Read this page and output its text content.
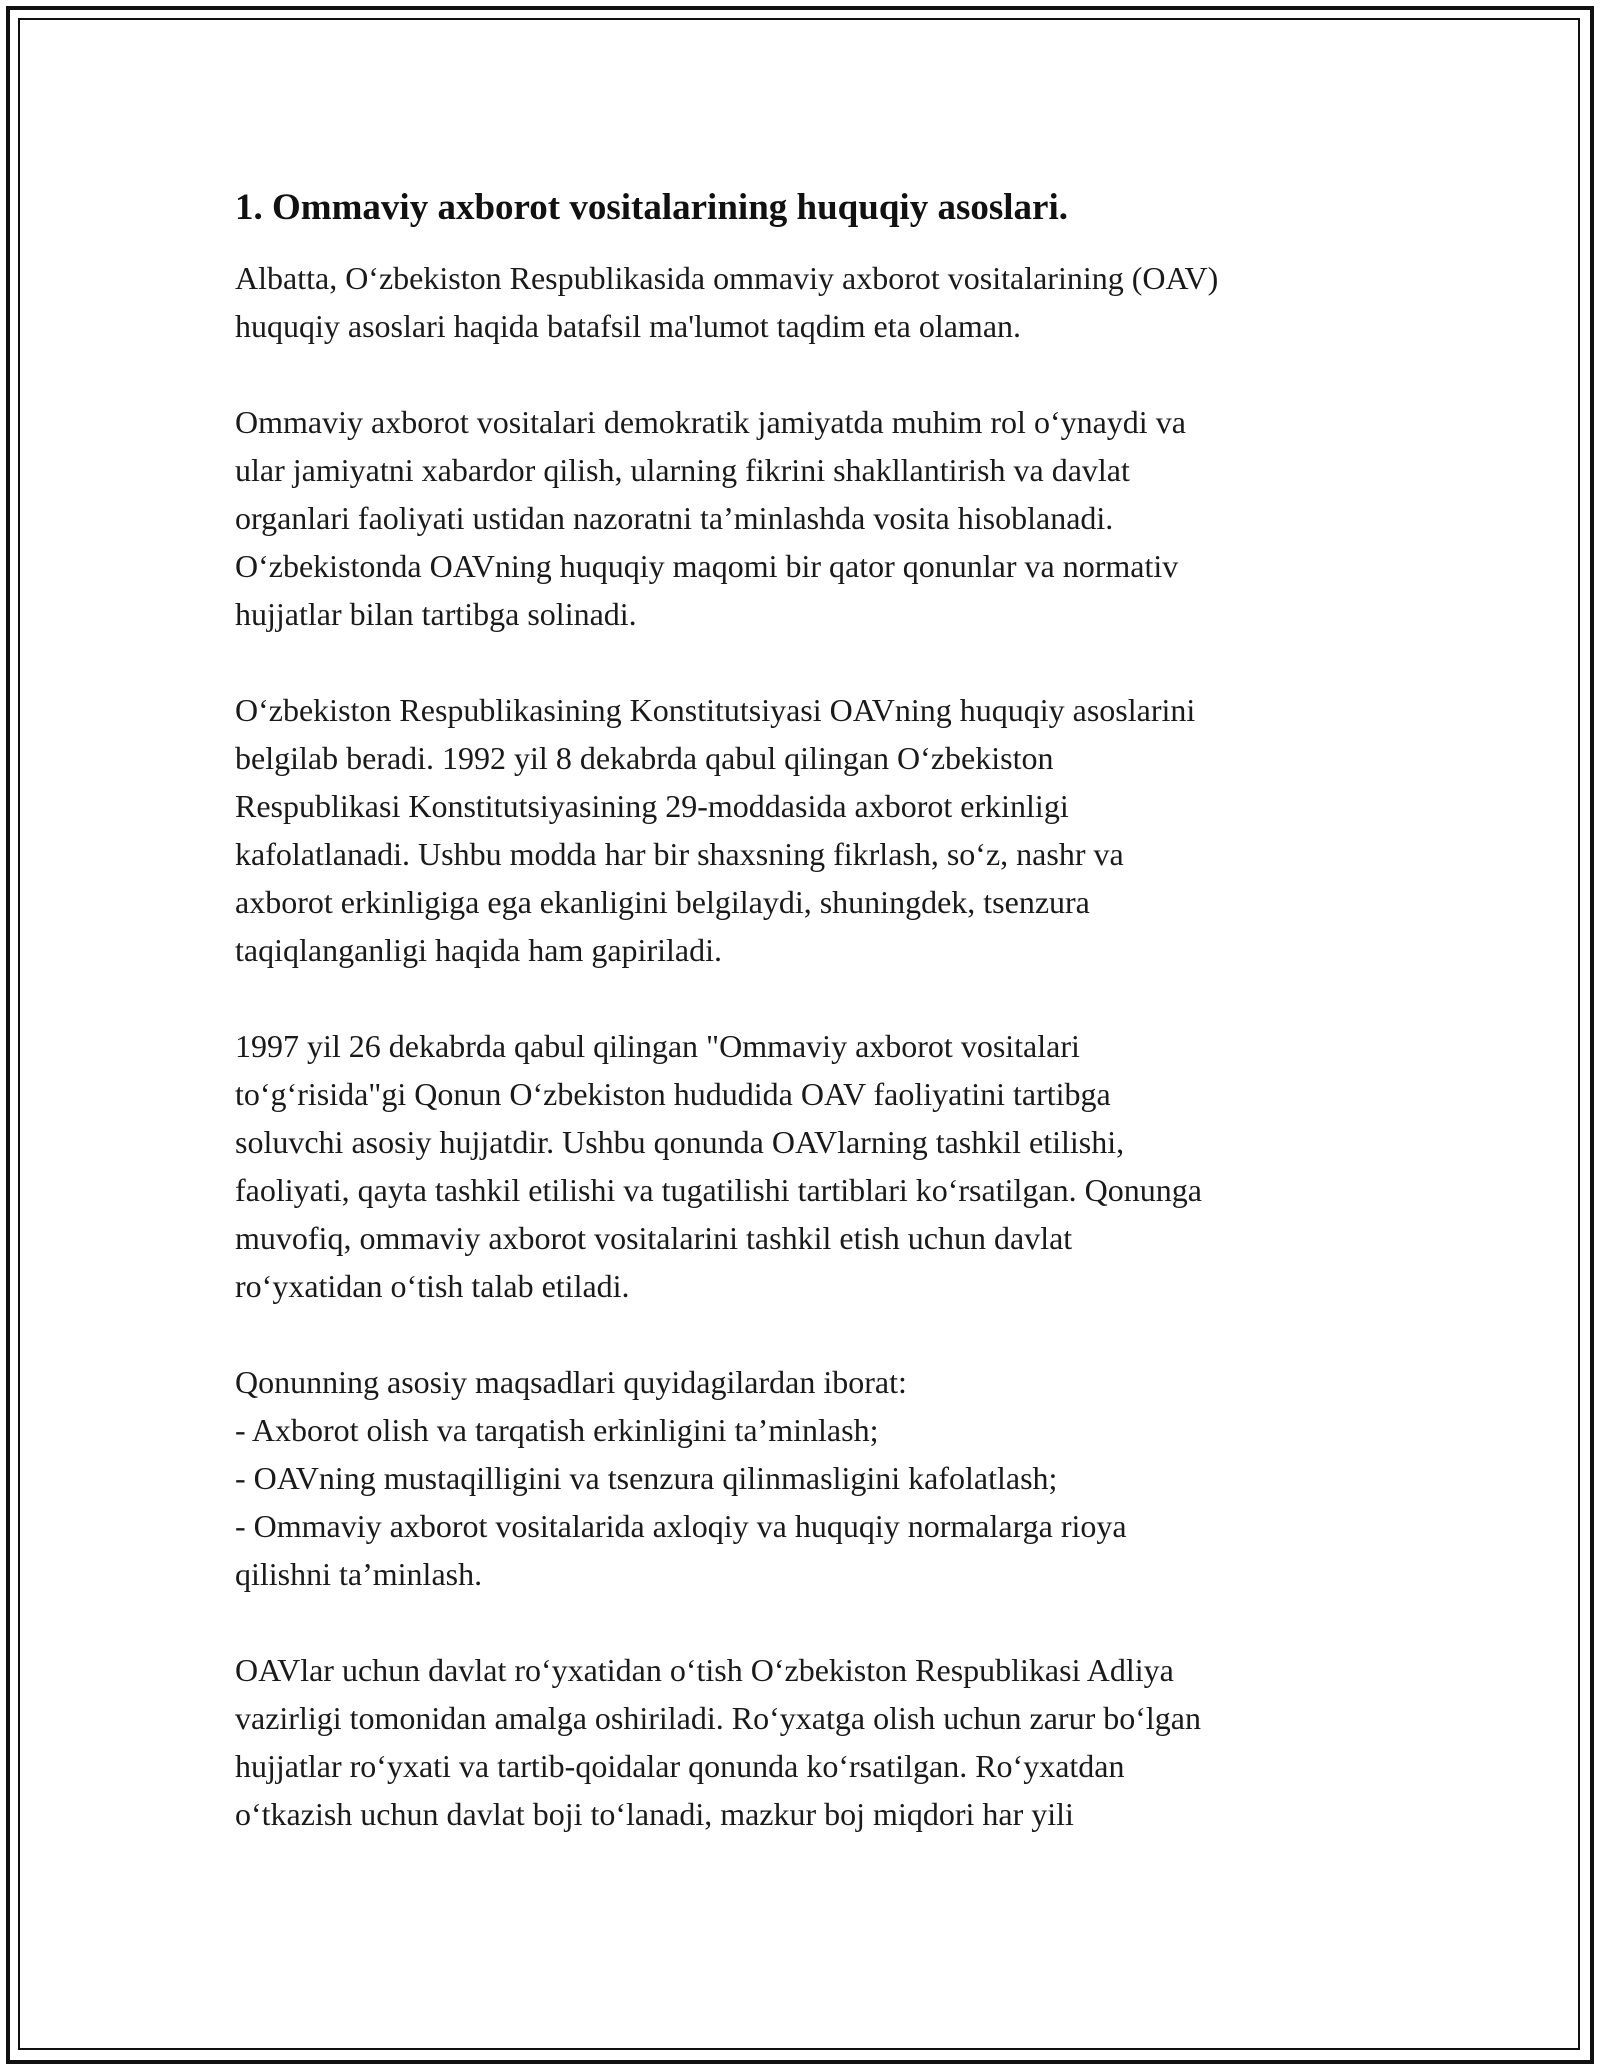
1. Ommaviy axborot vositalarining huquqiy asoslari.
Albatta, O‘zbekiston Respublikasida ommaviy axborot vositalarining (OAV)
huquqiy asoslari haqida batafsil ma'lumot taqdim eta olaman.
Ommaviy axborot vositalari demokratik jamiyatda muhim rol o‘ynaydi va
ular jamiyatni xabardor qilish, ularning fikrini shakllantirish va davlat
organlari faoliyati ustidan nazoratni ta’minlashda vosita hisoblanadi.
O‘zbekistonda OAVning huquqiy maqomi bir qator qonunlar va normativ
hujjatlar bilan tartibga solinadi.
O‘zbekiston Respublikasining Konstitutsiyasi OAVning huquqiy asoslarini
belgilab beradi. 1992 yil 8 dekabrda qabul qilingan O‘zbekiston
Respublikasi Konstitutsiyasining 29-moddasida axborot erkinligi
kafolatlanadi. Ushbu modda har bir shaxsning fikrlash, so‘z, nashr va
axborot erkinligiga ega ekanligini belgilaydi, shuningdek, tsenzura
taqiqlanganligi haqida ham gapiriladi.
1997 yil 26 dekabrda qabul qilingan "Ommaviy axborot vositalari
to‘g‘risida"gi Qonun O‘zbekiston hududida OAV faoliyatini tartibga
soluvchi asosiy hujjatdir. Ushbu qonunda OAVlarning tashkil etilishi,
faoliyati, qayta tashkil etilishi va tugatilishi tartiblari ko‘rsatilgan. Qonunga
muvofiq, ommaviy axborot vositalarini tashkil etish uchun davlat
ro‘yxatidan o‘tish talab etiladi.
Qonunning asosiy maqsadlari quyidagilardan iborat:
- Axborot olish va tarqatish erkinligini ta’minlash;
- OAVning mustaqilligini va tsenzura qilinmasligini kafolatlash;
- Ommaviy axborot vositalarida axloqiy va huquqiy normalarga rioya
qilishni ta’minlash.
OAVlar uchun davlat ro‘yxatidan o‘tish O‘zbekiston Respublikasi Adliya
vazirligi tomonidan amalga oshiriladi. Ro‘yxatga olish uchun zarur bo‘lgan
hujjatlar ro‘yxati va tartib-qoidalar qonunda ko‘rsatilgan. Ro‘yxatdan
o‘tkazish uchun davlat boji to‘lanadi, mazkur boj miqdori har yili
